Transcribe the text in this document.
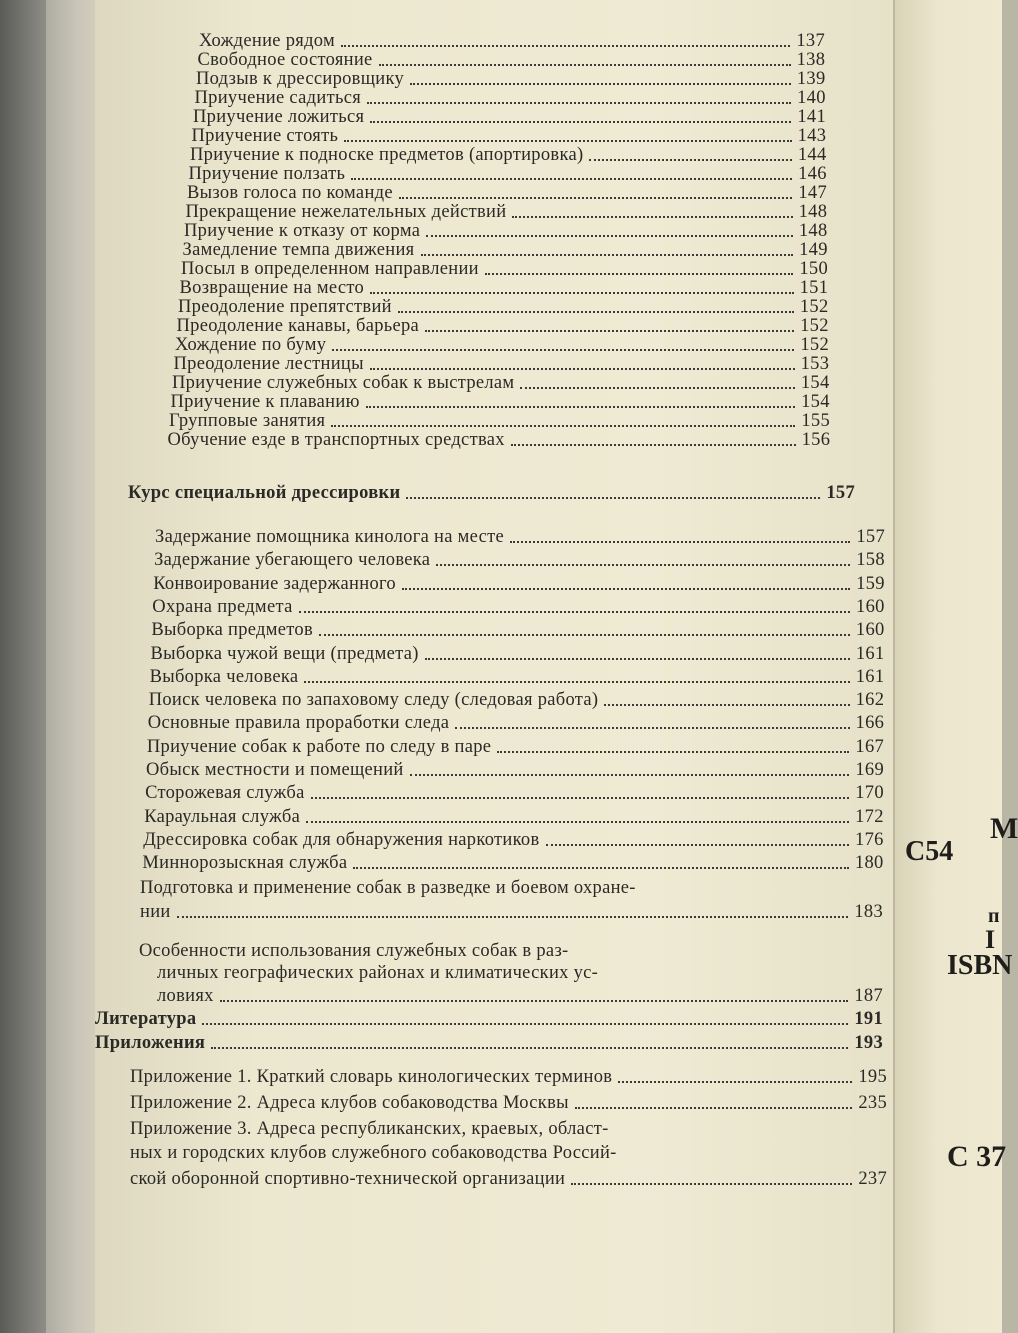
Хождение рядом	137
Свободное состояние	138
Подзыв к дрессировщику	139
Приучение садиться	140
Приучение ложиться	141
Приучение стоять	143
Приучение к подноске предметов (апортировка)	144
Приучение ползать	146
Вызов голоса по команде	147
Прекращение нежелательных действий	148
Приучение к отказу от корма	148
Замедление темпа движения	149
Посыл в определенном направлении	150
Возвращение на место	151
Преодоление препятствий	152
Преодоление канавы, барьера	152
Хождение по буму	152
Преодоление лестницы	153
Приучение служебных собак к выстрелам	154
Приучение к плаванию	154
Групповые занятия	155
Обучение езде в транспортных средствах	156
Курс специальной дрессировки	157
Задержание помощника кинолога на месте	157
Задержание убегающего человека	158
Конвоирование задержанного	159
Охрана предмета	160
Выборка предметов	160
Выборка чужой вещи (предмета)	161
Выборка человека	161
Поиск человека по запаховому следу (следовая работа)	162
Основные правила проработки следа	166
Приучение собак к работе по следу в паре	167
Обыск местности и помещений	169
Сторожевая служба	170
Караульная служба	172
Дрессировка собак для обнаружения наркотиков	176
Миннорозыскная служба	180
Подготовка и применение собак в разведке и боевом охране-
нии	183
Особенности использования служебных собак в раз-
личных географических районах и климатических ус-
ловиях	187
Литература	191
Приложения	193
Приложение 1. Краткий словарь кинологических терминов	195
Приложение 2. Адреса клубов собаководства Москвы	235
Приложение 3. Адреса республиканских, краевых, област-
ных и городских клубов служебного собаководства Россий-
ской оборонной спортивно-технической организации	237
М
С54
п
I
ISBN
С 37
